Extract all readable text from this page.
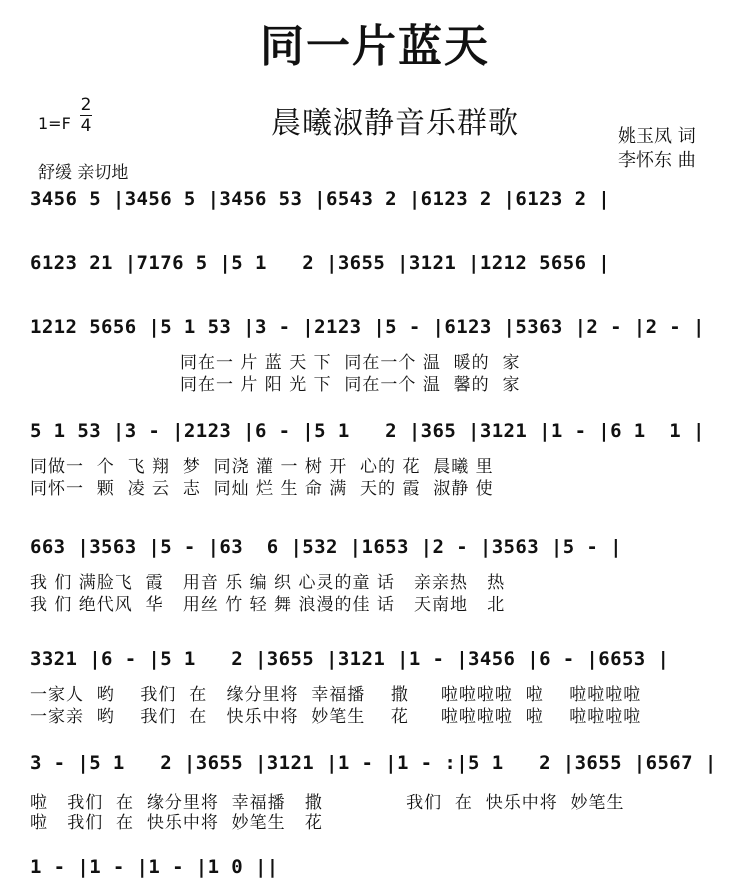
同一片蓝天
2
4
1=F	晨曦淑静音乐群歌
舒缓 亲切地
姚玉凤 词
李怀东 曲
3456 5 |3456 5 |3456 53 |6543 2 |6123 2 |6123 2 |
6123 21 |7176 5 |5 1   2 |3655 |3121 |1212 5656 |
1212 5656 |5 1 53 |3 - |2123 |5 - |6123 |5363 |2 - |2 - |
同在一 片 蓝 天 下  同在一个 温  暖的  家
同在一 片 阳 光 下  同在一个 温  馨的  家
5 1 53 |3 - |2123 |6 - |5 1   2 |365 |3121 |1 - |6 1  1 |
同做一  个  飞 翔  梦  同浇 灌 一 树 开  心的 花  晨曦 里
同怀一  颗  凌 云  志  同灿 烂 生 命 满  天的 霞  淑静 使
663 |3563 |5 - |63  6 |532 |1653 |2 - |3563 |5 - |
我 们 满脸飞  霞   用音 乐 编 织 心灵的童 话   亲亲热   热
我 们 绝代风  华   用丝 竹 轻 舞 浪漫的佳 话   天南地   北
3321 |6 - |5 1   2 |3655 |3121 |1 - |3456 |6 - |6653 |
一家人  哟    我们  在   缘分里将  幸福播    撒     啦啦啦啦  啦    啦啦啦啦
一家亲  哟    我们  在   快乐中将  妙笔生    花     啦啦啦啦  啦    啦啦啦啦
3 - |5 1   2 |3655 |3121 |1 - |1 - :|5 1   2 |3655 |6567 |
啦   我们  在  缘分里将  幸福播   撒             我们  在  快乐中将  妙笔生
啦   我们  在  快乐中将  妙笔生   花
1 - |1 - |1 - |1 0 ||
